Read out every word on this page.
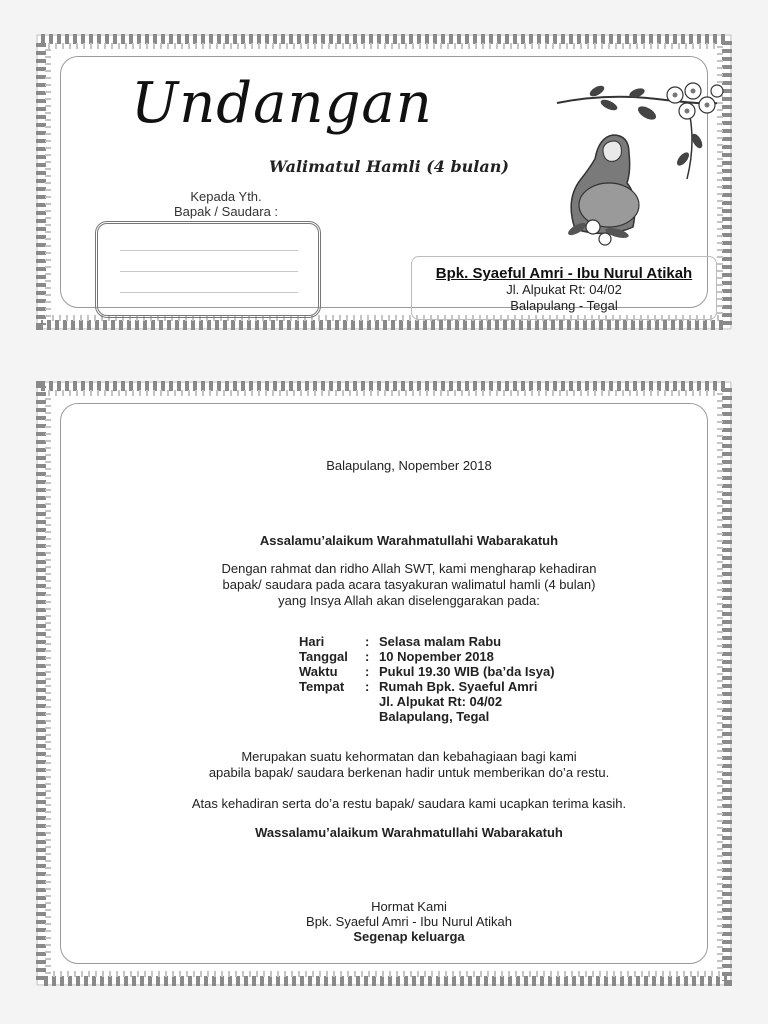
Undangan
Walimatul Hamli (4 bulan)
Kepada Yth.
Bapak / Saudara :
Bpk. Syaeful Amri - Ibu Nurul Atikah
Jl. Alpukat Rt: 04/02
Balapulang - Tegal
Balapulang, Nopember 2018
Assalamu’alaikum Warahmatullahi Wabarakatuh
Dengan rahmat dan ridho Allah SWT, kami mengharap kehadiran
bapak/ saudara pada acara tasyakuran walimatul hamli (4 bulan)
yang Insya Allah akan diselenggarakan pada:
Hari	:	Selasa malam Rabu
Tanggal	:	10 Nopember 2018
Waktu	:	Pukul 19.30 WIB (ba’da Isya)
Tempat	:	Rumah Bpk. Syaeful Amri
		Jl. Alpukat Rt: 04/02
		Balapulang, Tegal
Merupakan suatu kehormatan dan kebahagiaan bagi kami
apabila bapak/ saudara berkenan hadir untuk memberikan do’a restu.
Atas kehadiran serta do’a restu bapak/ saudara kami ucapkan terima kasih.
Wassalamu’alaikum Warahmatullahi Wabarakatuh
Hormat Kami
Bpk. Syaeful Amri - Ibu Nurul Atikah
Segenap keluarga
